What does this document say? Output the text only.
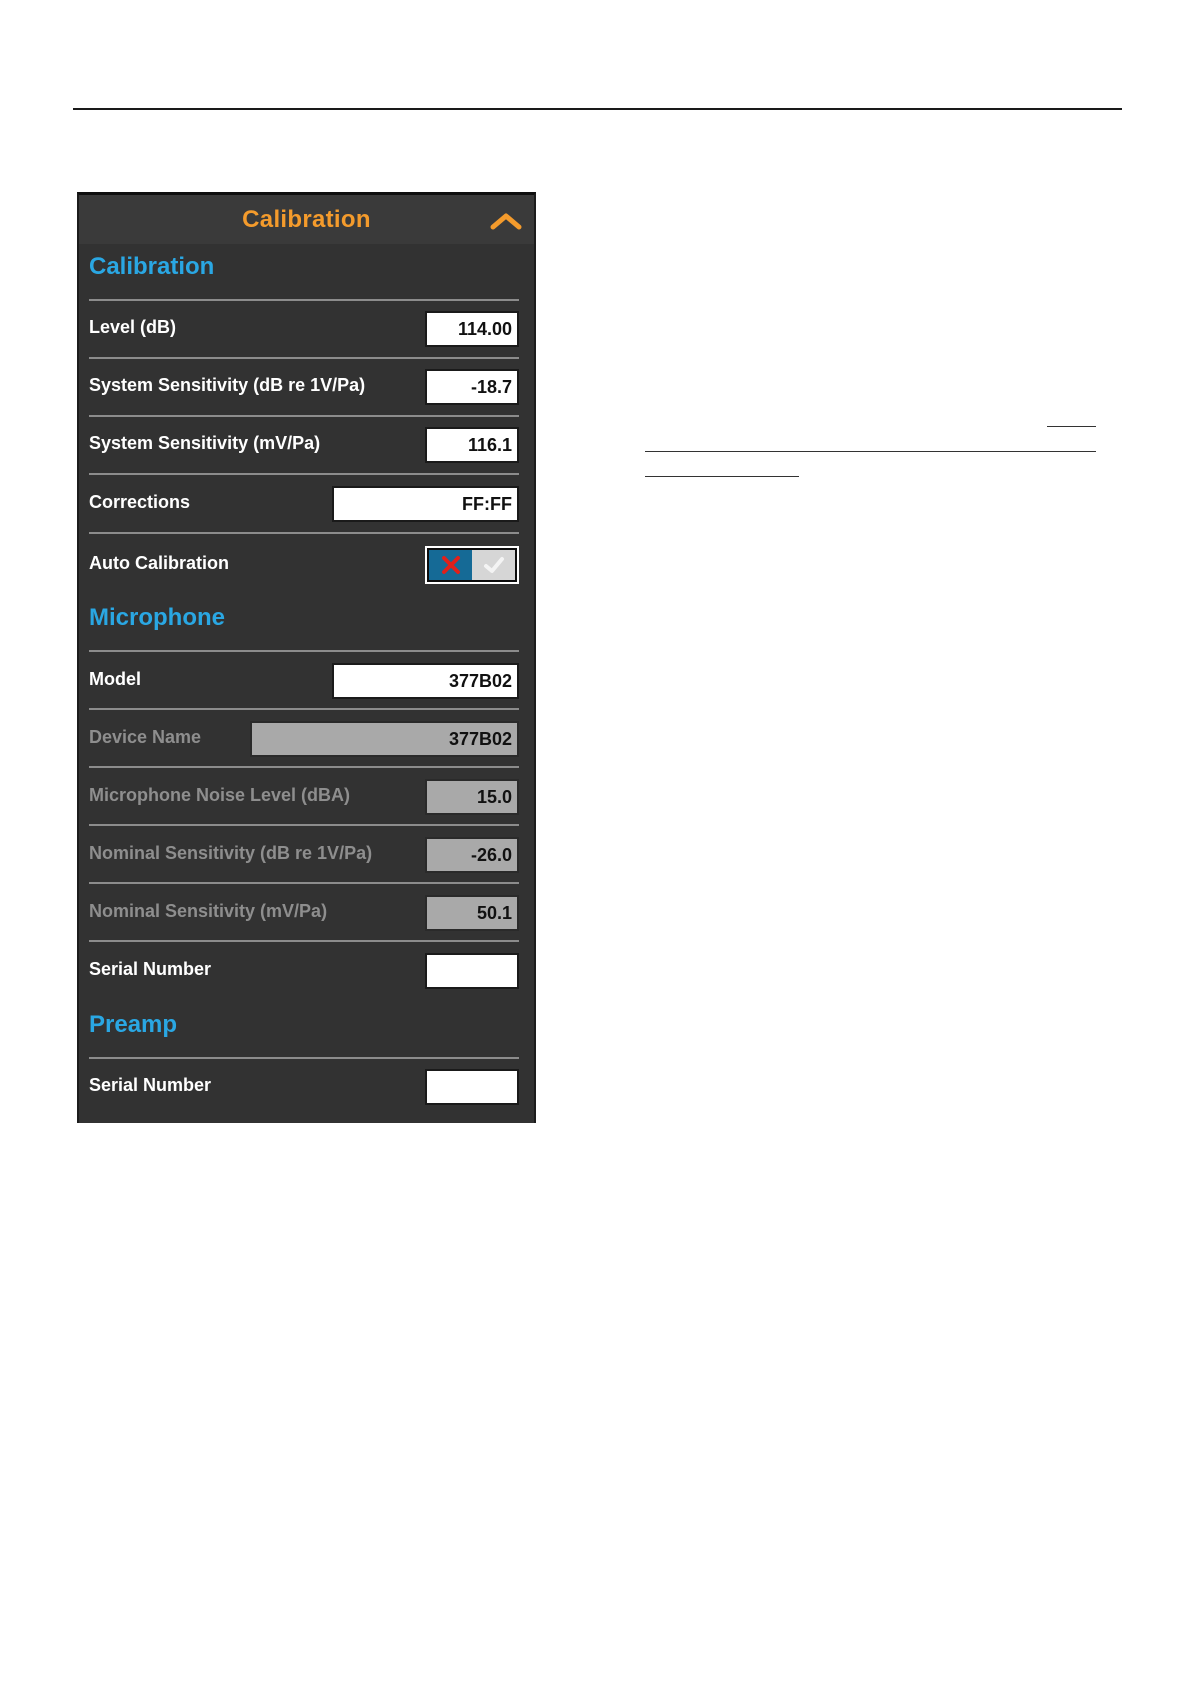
Calibration
Calibration
Level (dB)	114.00
System Sensitivity (dB re 1V/Pa)	-18.7
System Sensitivity (mV/Pa)	116.1
Corrections	FF:FF
Auto Calibration
Microphone
Model	377B02
Device Name	377B02
Microphone Noise Level (dBA)	15.0
Nominal Sensitivity (dB re 1V/Pa)	-26.0
Nominal Sensitivity (mV/Pa)	50.1
Serial Number
Preamp
Serial Number
